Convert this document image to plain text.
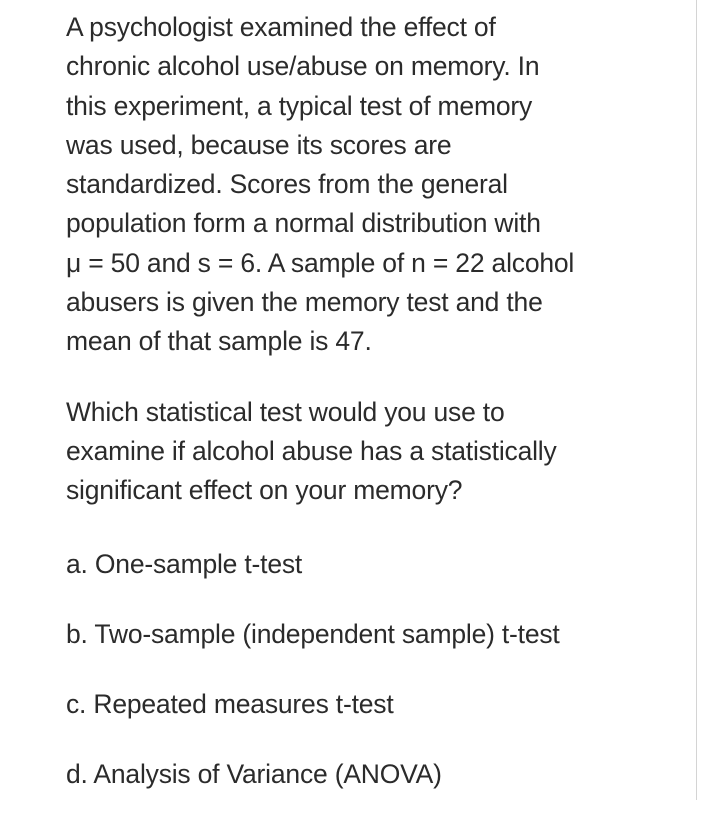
A psychologist examined the effect of
chronic alcohol use/abuse on memory. In
this experiment, a typical test of memory
was used, because its scores are
standardized. Scores from the general
population form a normal distribution with
μ = 50 and s = 6. A sample of n = 22 alcohol
abusers is given the memory test and the
mean of that sample is 47.

Which statistical test would you use to
examine if alcohol abuse has a statistically
significant effect on your memory?

a. One-sample t-test
b. Two-sample (independent sample) t-test
c. Repeated measures t-test
d. Analysis of Variance (ANOVA)
